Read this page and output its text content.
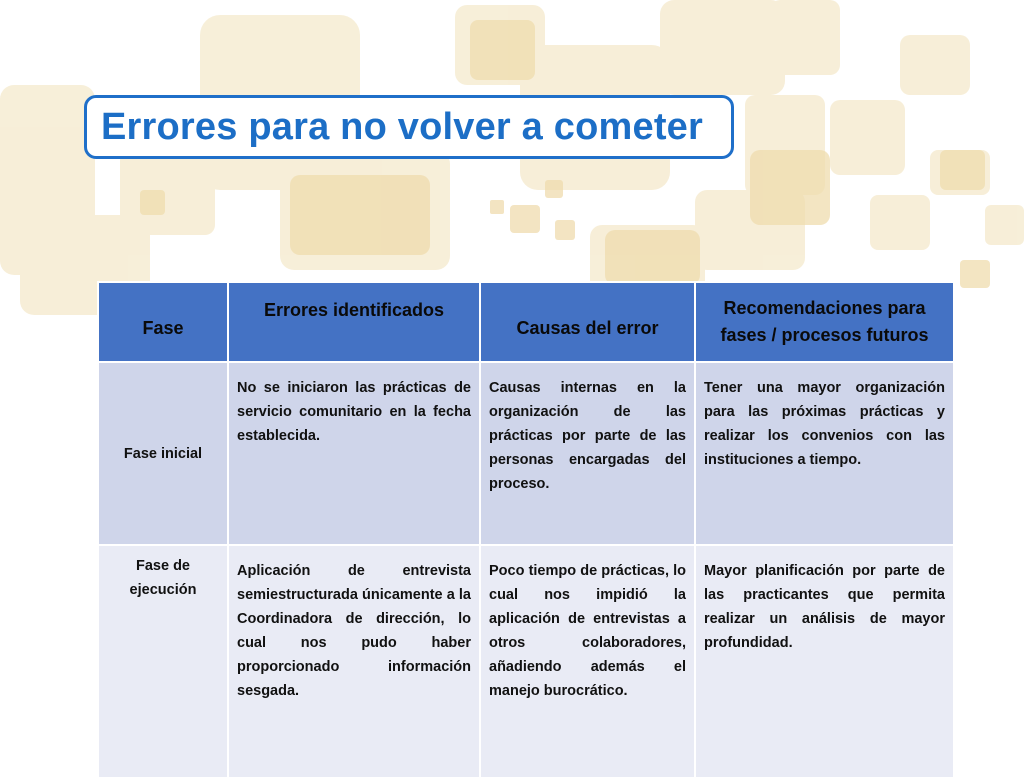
Errores para no volver a cometer
Fase	Errores identificados	Causas del error	Recomendaciones para fases / procesos futuros
Fase inicial	No se iniciaron las prácticas de servicio comunitario en la fecha establecida.	Causas internas en la organización de las prácticas por parte de las personas encargadas del proceso.	Tener una mayor organización para las próximas prácticas y realizar los convenios con las instituciones a tiempo.
Fase de ejecución	Aplicación de entrevista semiestructurada únicamente a la Coordinadora de dirección, lo cual nos pudo haber proporcionado información sesgada.	Poco tiempo de prácticas, lo cual nos impidió la aplicación de entrevistas a otros colaboradores, añadiendo además el manejo burocrático.	Mayor planificación por parte de las practicantes que permita realizar un análisis de mayor profundidad.
